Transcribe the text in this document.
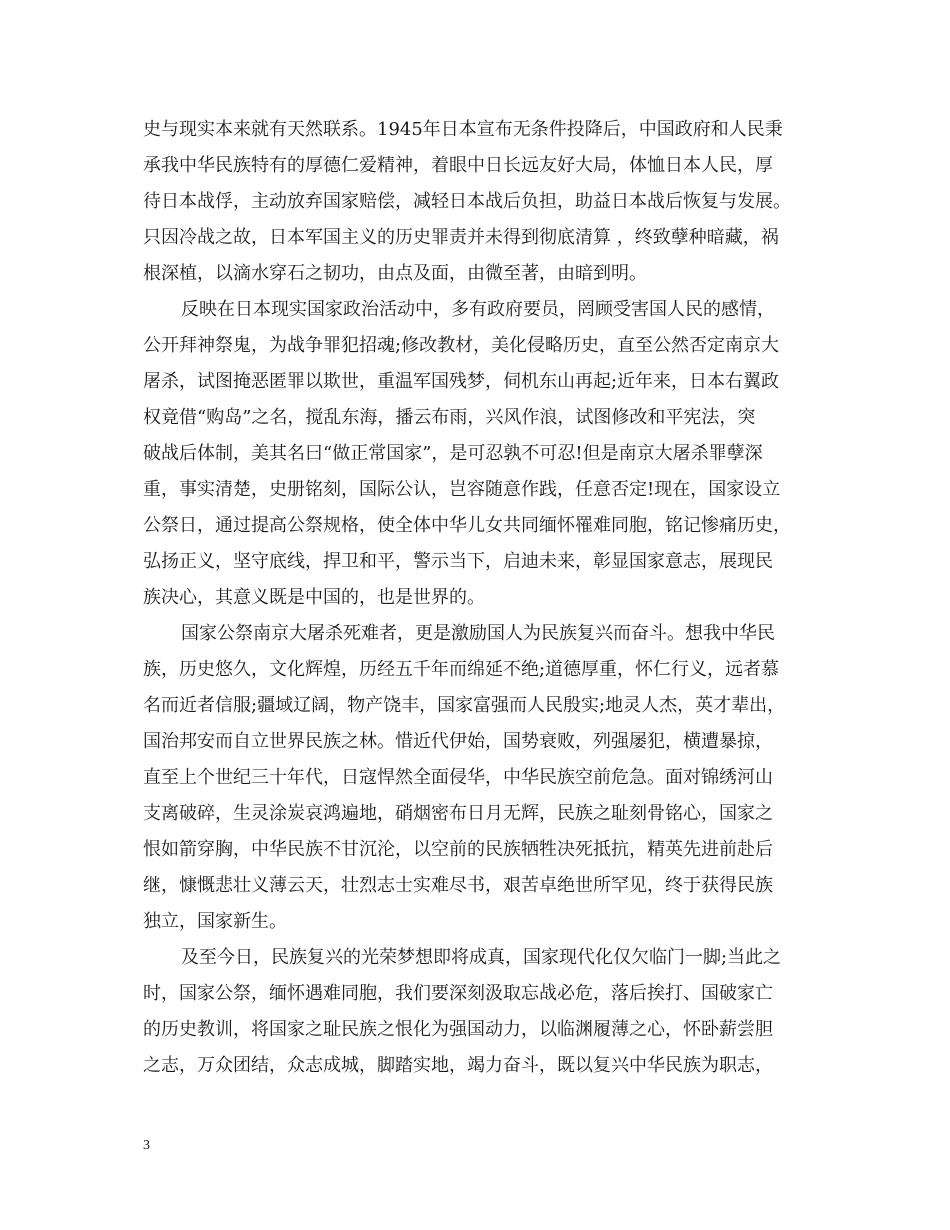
史与现实本来就有天然联系。1945年日本宣布无条件投降后，中国政府和人民秉
承我中华民族特有的厚德仁爱精神，着眼中日长远友好大局，体恤日本人民，厚
待日本战俘，主动放弃国家赔偿，减轻日本战后负担，助益日本战后恢复与发展。
只因冷战之故，日本军国主义的历史罪责并未得到彻底清算 ，终致孽种暗藏，祸
根深植，以滴水穿石之韧功，由点及面，由微至著，由暗到明。
反映在日本现实国家政治活动中，多有政府要员，罔顾受害国人民的感情，
公开拜神祭鬼，为战争罪犯招魂;修改教材，美化侵略历史，直至公然否定南京大
屠杀，试图掩恶匿罪以欺世，重温军国残梦，伺机东山再起;近年来，日本右翼政
权竟借“购岛”之名，搅乱东海，播云布雨，兴风作浪，试图修改和平宪法，突
破战后体制，美其名曰“做正常国家”，是可忍孰不可忍!但是南京大屠杀罪孽深
重，事实清楚，史册铭刻，国际公认，岂容随意作践，任意否定!现在，国家设立
公祭日，通过提高公祭规格，使全体中华儿女共同缅怀罹难同胞，铭记惨痛历史，
弘扬正义，坚守底线，捍卫和平，警示当下，启迪未来，彰显国家意志，展现民
族决心，其意义既是中国的，也是世界的。
国家公祭南京大屠杀死难者，更是激励国人为民族复兴而奋斗。想我中华民
族，历史悠久，文化辉煌，历经五千年而绵延不绝;道德厚重，怀仁行义，远者慕
名而近者信服;疆域辽阔，物产饶丰，国家富强而人民殷实;地灵人杰，英才辈出，
国治邦安而自立世界民族之林。惜近代伊始，国势衰败，列强屡犯，横遭暴掠，
直至上个世纪三十年代，日寇悍然全面侵华，中华民族空前危急。面对锦绣河山
支离破碎，生灵涂炭哀鸿遍地，硝烟密布日月无辉，民族之耻刻骨铭心，国家之
恨如箭穿胸，中华民族不甘沉沦，以空前的民族牺牲决死抵抗，精英先进前赴后
继，慷慨悲壮义薄云天，壮烈志士实难尽书，艰苦卓绝世所罕见，终于获得民族
独立，国家新生。
及至今日，民族复兴的光荣梦想即将成真，国家现代化仅欠临门一脚;当此之
时，国家公祭，缅怀遇难同胞，我们要深刻汲取忘战必危，落后挨打、国破家亡
的历史教训，将国家之耻民族之恨化为强国动力，以临渊履薄之心，怀卧薪尝胆
之志，万众团结，众志成城，脚踏实地，竭力奋斗，既以复兴中华民族为职志，
3
